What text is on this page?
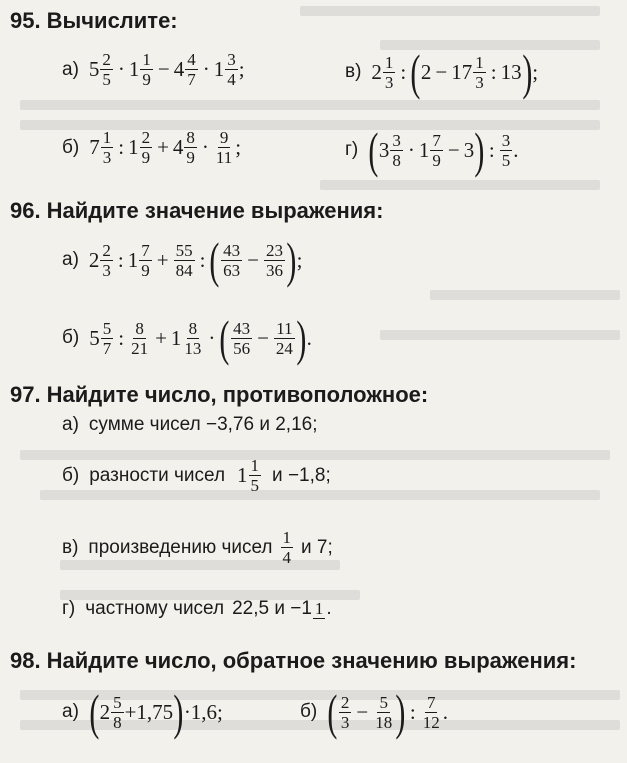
95. Вычислите:
а) $5 \frac{2}{5} \cdot 1 \frac{1}{9} - 4 \frac{4}{7} \cdot 1 \frac{3}{4}$ ;	в) $2 \frac{1}{3}$ : ( $2 - 17 \frac{1}{3}$ : 13 ) ;
б) $7 \frac{1}{3}$ : $1 \frac{2}{9} + 4 \frac{8}{9} \cdot \frac{9}{11}$ ;	г) ( $3 \frac{3}{8} \cdot 1 \frac{7}{9} - 3$ ) : $\frac{3}{5}$ .
96. Найдите значение выражения:
а) $2 \frac{2}{3}$ : $1 \frac{7}{9} + \frac{55}{84}$ : ( $\frac{43}{63} - \frac{23}{36}$ ) ;
б) $5 \frac{5}{7}$ : $\frac{8}{21} + 1 \frac{8}{13}$ · ( $\frac{43}{56} - \frac{11}{24}$ ) .
97. Найдите число, противоположное:
а) сумме чисел −3,76 и 2,16;
б) разности чисел $1 \frac{1}{5}$ и −1,8;
в) произведению чисел $\frac{1}{4}$ и 7;
г) частному чисел 22,5 и −1 1 .
98. Найдите число, обратное значению выражения:
а) ( $2 \frac{5}{8} +1,75$ ) ·1,6;	б) ( $\frac{2}{3} - \frac{5}{18}$ ) : $\frac{7}{12}$ .
